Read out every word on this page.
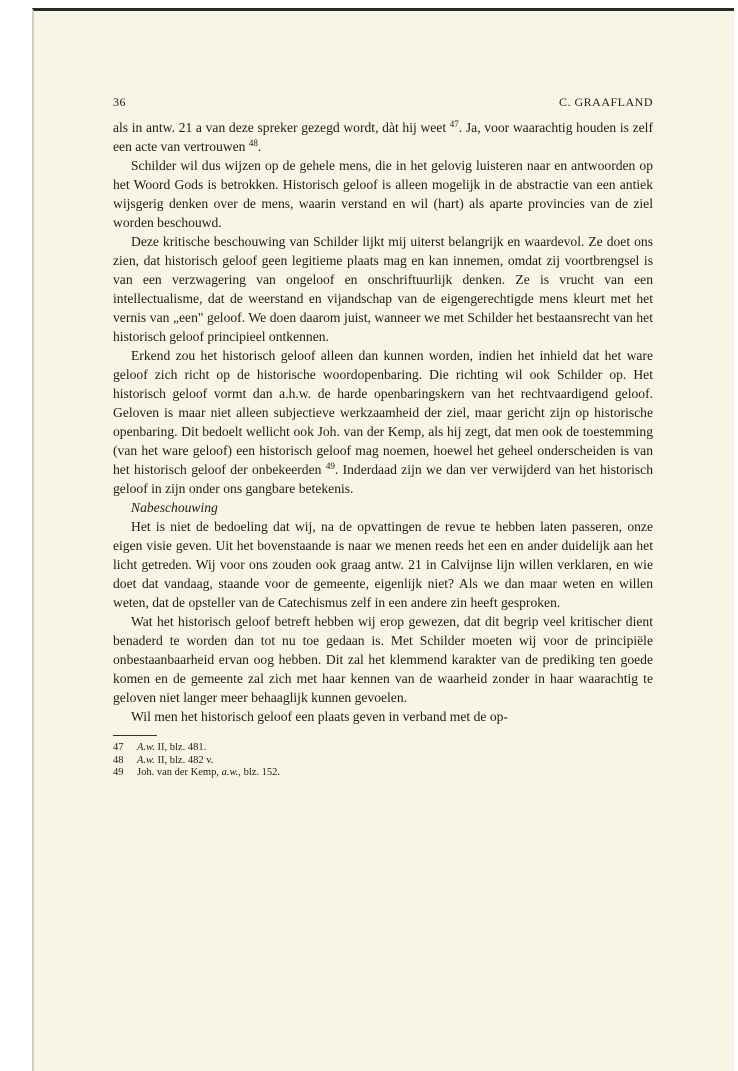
36	C. GRAAFLAND

als in antw. 21 a van deze spreker gezegd wordt, dàt hij weet $^{47}$. Ja, voor waarachtig houden is zelf een acte van vertrouwen $^{48}$.

Schilder wil dus wijzen op de gehele mens, die in het gelovig luisteren naar en antwoorden op het Woord Gods is betrokken. Historisch geloof is alleen mogelijk in de abstractie van een antiek wijsgerig denken over de mens, waarin verstand en wil (hart) als aparte provincies van de ziel worden beschouwd.

Deze kritische beschouwing van Schilder lijkt mij uiterst belangrijk en waardevol. Ze doet ons zien, dat historisch geloof geen legitieme plaats mag en kan innemen, omdat zij voortbrengsel is van een verzwagering van ongeloof en onschriftuurlijk denken. Ze is vrucht van een intellectualisme, dat de weerstand en vijandschap van de eigengerechtigde mens kleurt met het vernis van „een" geloof. We doen daarom juist, wanneer we met Schilder het bestaansrecht van het historisch geloof principieel ontkennen.

Erkend zou het historisch geloof alleen dan kunnen worden, indien het inhield dat het ware geloof zich richt op de historische woordopenbaring. Die richting wil ook Schilder op. Het historisch geloof vormt dan a.h.w. de harde openbaringskern van het rechtvaardigend geloof. Geloven is maar niet alleen subjectieve werkzaamheid der ziel, maar gericht zijn op historische openbaring. Dit bedoelt wellicht ook Joh. van der Kemp, als hij zegt, dat men ook de toestemming (van het ware geloof) een historisch geloof mag noemen, hoewel het geheel onderscheiden is van het historisch geloof der onbekeerden $^{49}$. Inderdaad zijn we dan ver verwijderd van het historisch geloof in zijn onder ons gangbare betekenis.

Nabeschouwing

Het is niet de bedoeling dat wij, na de opvattingen de revue te hebben laten passeren, onze eigen visie geven. Uit het bovenstaande is naar we menen reeds het een en ander duidelijk aan het licht getreden. Wij voor ons zouden ook graag antw. 21 in Calvijnse lijn willen verklaren, en wie doet dat vandaag, staande voor de gemeente, eigenlijk niet? Als we dan maar weten en willen weten, dat de opsteller van de Catechismus zelf in een andere zin heeft gesproken.

Wat het historisch geloof betreft hebben wij erop gewezen, dat dit begrip veel kritischer dient benaderd te worden dan tot nu toe gedaan is. Met Schilder moeten wij voor de principiële onbestaanbaarheid ervan oog hebben. Dit zal het klemmend karakter van de prediking ten goede komen en de gemeente zal zich met haar kennen van de waarheid zonder in haar waarachtig te geloven niet langer meer behaaglijk kunnen gevoelen.

Wil men het historisch geloof een plaats geven in verband met de op-

47 A.w. II, blz. 481.
48 A.w. II, blz. 482 v.
49 Joh. van der Kemp, a.w., blz. 152.
